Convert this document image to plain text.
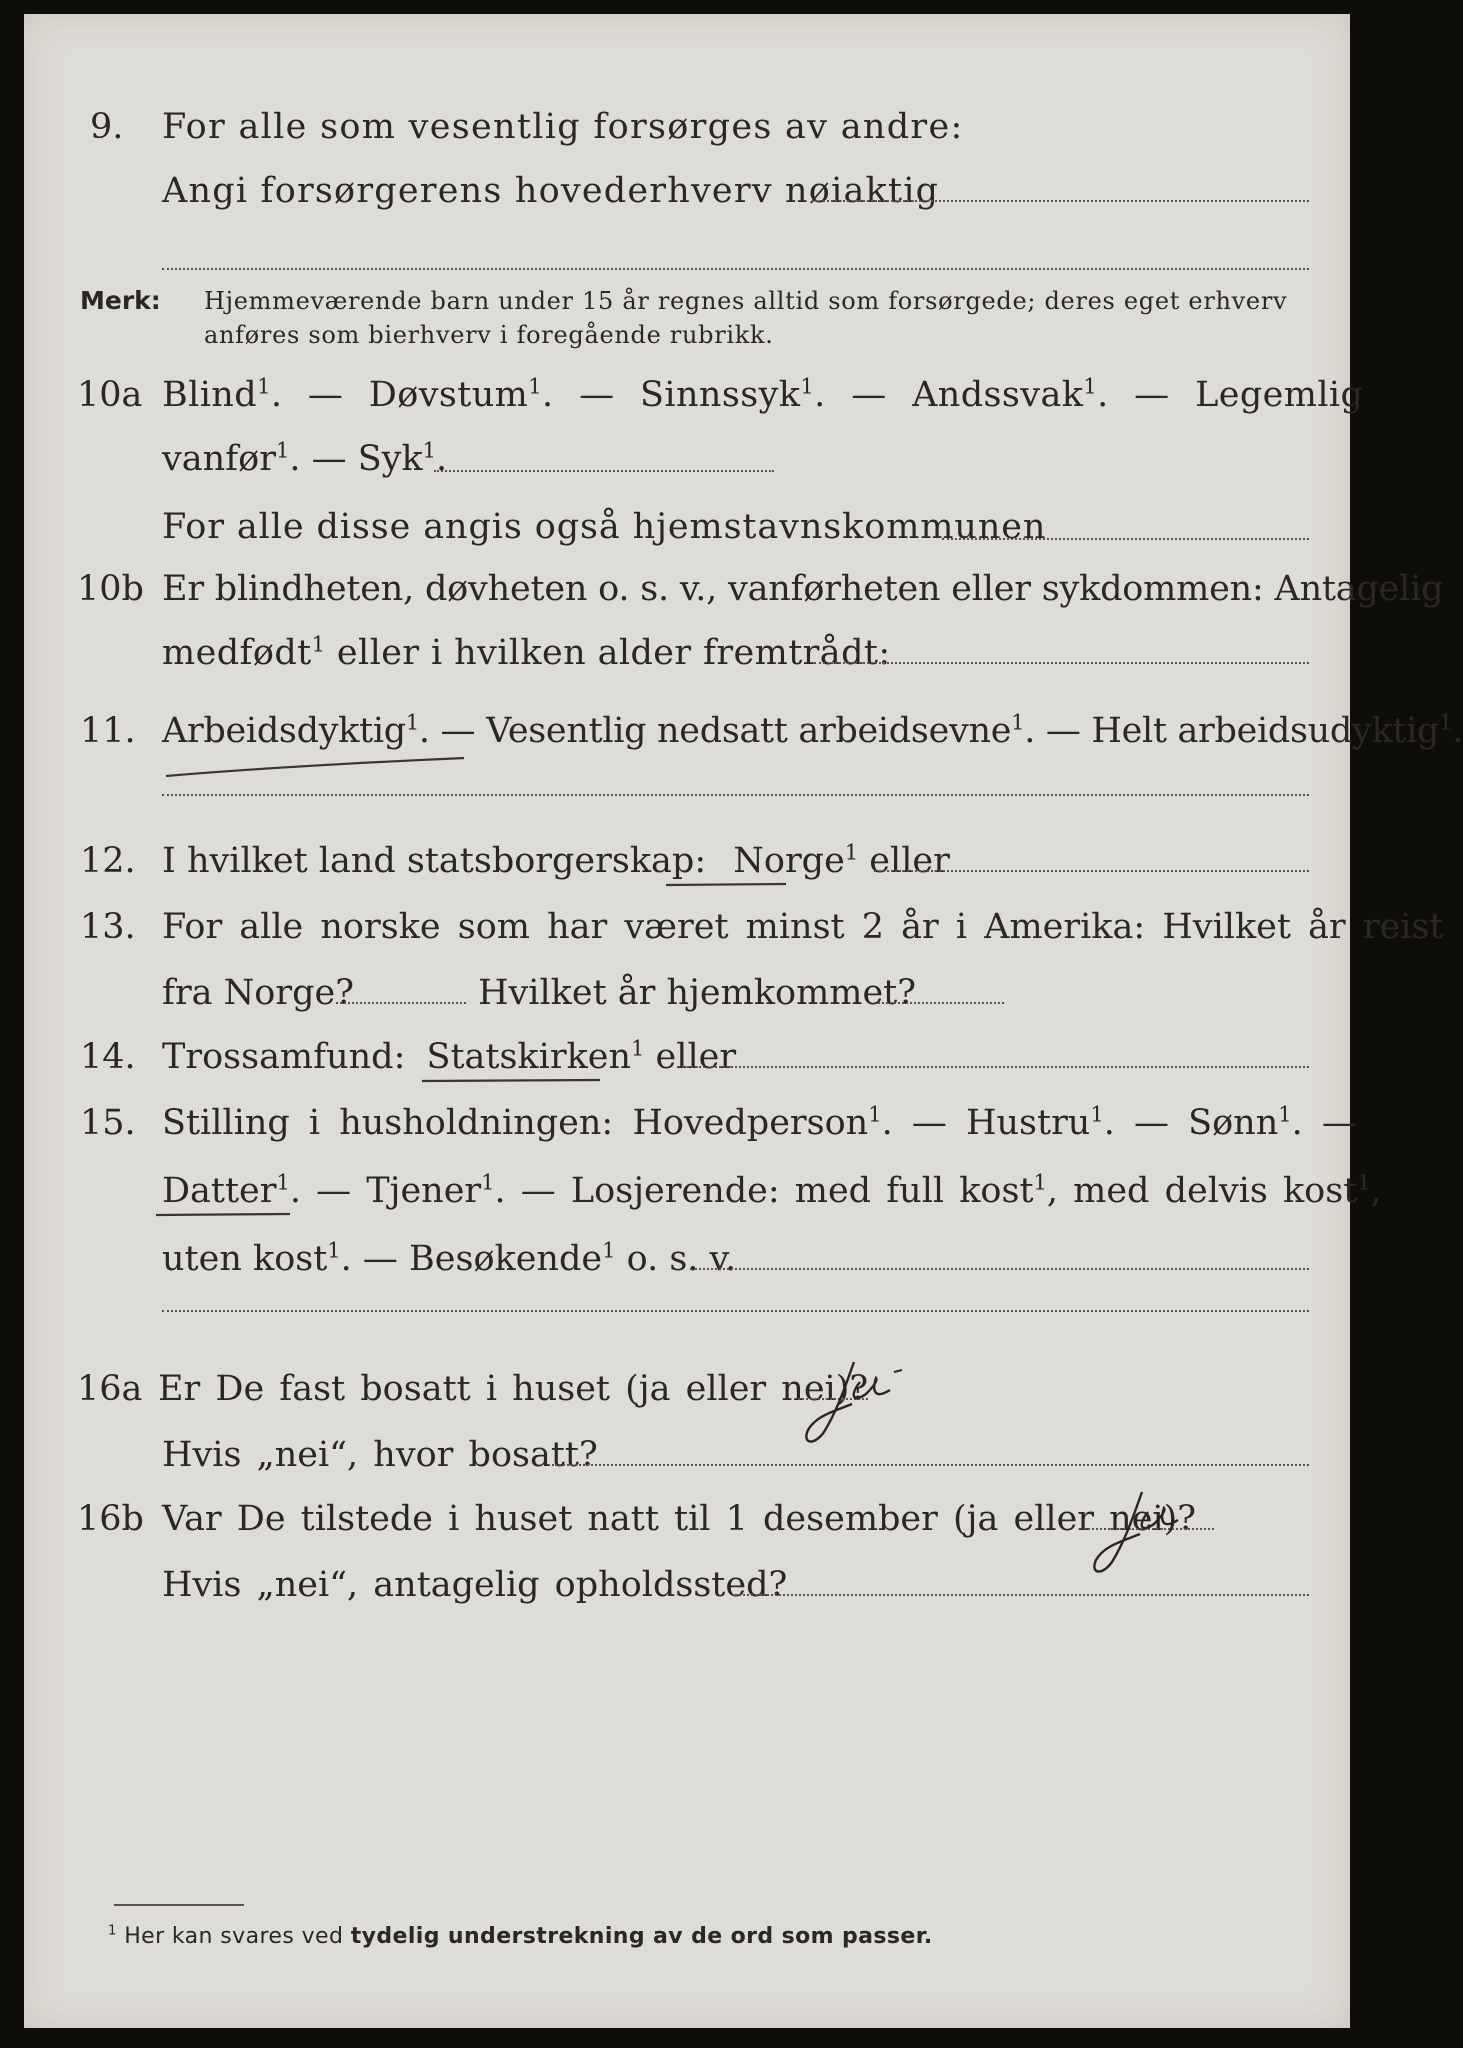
9. For alle som vesentlig forsørges av andre:
Angi forsørgerens hovederhverv nøiaktig
Merk: Hjemmeværende barn under 15 år regnes alltid som forsørgede; deres eget erhverv
anføres som bierhverv i foregående rubrikk.
10a Blind$^1$. — Døvstum$^1$. — Sinnssyk$^1$. — Andssvak$^1$. — Legemlig
vanfør$^1$. — Syk$^1$.
For alle disse angis også hjemstavnskommunen
10b Er blindheten, døvheten o. s. v., vanførheten eller sykdommen: Antagelig
medfødt$^1$ eller i hvilken alder fremtrådt:
11. Arbeidsdyktig$^1$. — Vesentlig nedsatt arbeidsevne$^1$. — Helt arbeidsudyktig$^1$.
12. I hvilket land statsborgerskap: Norge$^1$ eller
13. For alle norske som har været minst 2 år i Amerika: Hvilket år reist
fra Norge?	Hvilket år hjemkommet?
14. Trossamfund: Statskirken$^1$ eller
15. Stilling i husholdningen: Hovedperson$^1$. — Hustru$^1$. — Sønn$^1$. —
Datter$^1$. — Tjener$^1$. — Losjerende: med full kost$^1$, med delvis kost$^1$,
uten kost$^1$. — Besøkende$^1$ o. s. v.
16a Er De fast bosatt i huset (ja eller nei)?
Hvis „nei“, hvor bosatt?
16b Var De tilstede i huset natt til 1 desember (ja eller nei)?
Hvis „nei“, antagelig opholdssted?
$^1$ Her kan svares ved tydelig understrekning av de ord som passer.
